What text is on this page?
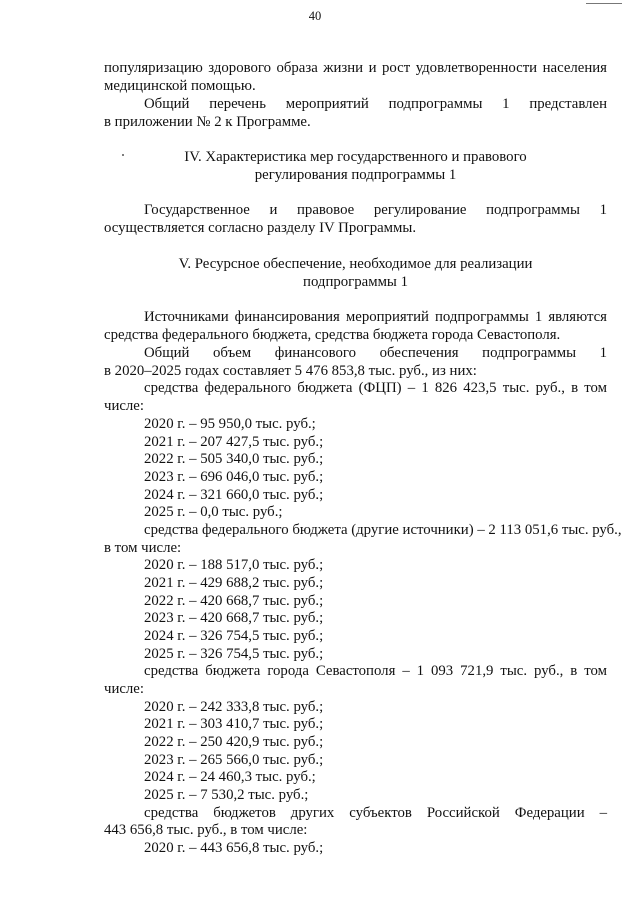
40
популяризацию здорового образа жизни и рост удовлетворенности населения
медицинской помощью.
Общий перечень мероприятий подпрограммы 1 представлен
в приложении № 2 к Программе.
IV. Характеристика мер государственного и правового
регулирования подпрограммы 1
Государственное и правовое регулирование подпрограммы 1
осуществляется согласно разделу IV Программы.
V. Ресурсное обеспечение, необходимое для реализации
подпрограммы 1
Источниками финансирования мероприятий подпрограммы 1 являются
средства федерального бюджета, средства бюджета города Севастополя.
Общий объем финансового обеспечения подпрограммы 1
в 2020–2025 годах составляет 5 476 853,8 тыс. руб., из них:
средства федерального бюджета (ФЦП) – 1 826 423,5 тыс. руб., в том
числе:
2020 г. – 95 950,0 тыс. руб.;
2021 г. – 207 427,5 тыс. руб.;
2022 г. – 505 340,0 тыс. руб.;
2023 г. – 696 046,0 тыс. руб.;
2024 г. – 321 660,0 тыс. руб.;
2025 г. – 0,0 тыс. руб.;
средства федерального бюджета (другие источники) – 2 113 051,6 тыс. руб.,
в том числе:
2020 г. – 188 517,0 тыс. руб.;
2021 г. – 429 688,2 тыс. руб.;
2022 г. – 420 668,7 тыс. руб.;
2023 г. – 420 668,7 тыс. руб.;
2024 г. – 326 754,5 тыс. руб.;
2025 г. – 326 754,5 тыс. руб.;
средства бюджета города Севастополя – 1 093 721,9 тыс. руб., в том
числе:
2020 г. – 242 333,8 тыс. руб.;
2021 г. – 303 410,7 тыс. руб.;
2022 г. – 250 420,9 тыс. руб.;
2023 г. – 265 566,0 тыс. руб.;
2024 г. – 24 460,3 тыс. руб.;
2025 г. – 7 530,2 тыс. руб.;
средства бюджетов других субъектов Российской Федерации –
443 656,8 тыс. руб., в том числе:
2020 г. – 443 656,8 тыс. руб.;
